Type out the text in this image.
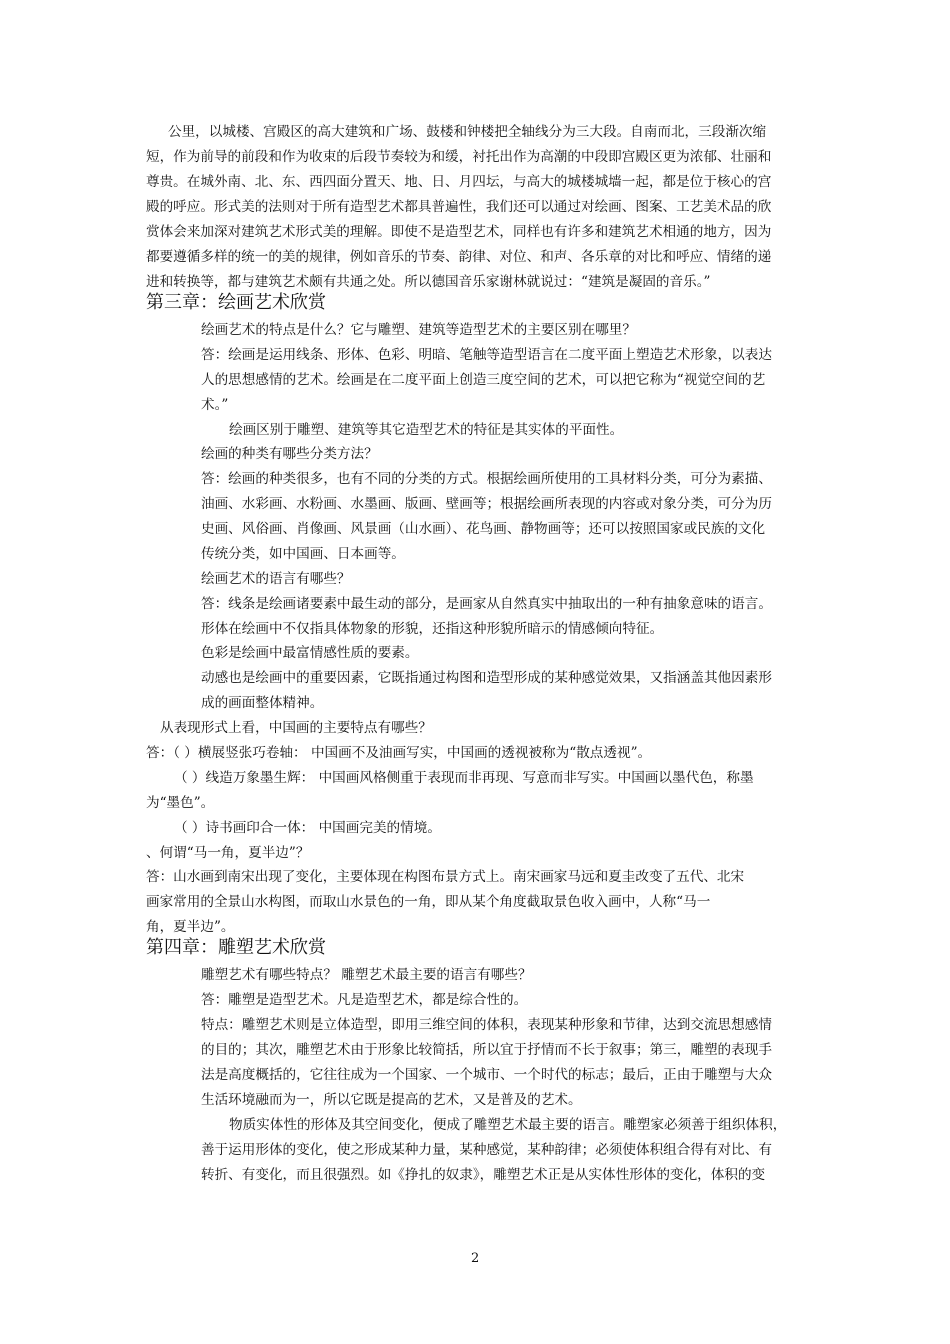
公里，以城楼、宫殿区的高大建筑和广场、鼓楼和钟楼把全轴线分为三大段。自南而北，三段渐次缩
短，作为前导的前段和作为收束的后段节奏较为和缓，衬托出作为高潮的中段即宫殿区更为浓郁、壮丽和
尊贵。在城外南、北、东、西四面分置天、地、日、月四坛，与高大的城楼城墙一起，都是位于核心的宫
殿的呼应。形式美的法则对于所有造型艺术都具普遍性，我们还可以通过对绘画、图案、工艺美术品的欣
赏体会来加深对建筑艺术形式美的理解。即使不是造型艺术，同样也有许多和建筑艺术相通的地方，因为
都要遵循多样的统一的美的规律，例如音乐的节奏、韵律、对位、和声、各乐章的对比和呼应、情绪的递
进和转换等，都与建筑艺术颇有共通之处。所以德国音乐家谢林就说过：“建筑是凝固的音乐。”
第三章：绘画艺术欣赏
绘画艺术的特点是什么？它与雕塑、建筑等造型艺术的主要区别在哪里？
答：绘画是运用线条、形体、色彩、明暗、笔触等造型语言在二度平面上塑造艺术形象，以表达
人的思想感情的艺术。绘画是在二度平面上创造三度空间的艺术，可以把它称为“视觉空间的艺
术。”
绘画区别于雕塑、建筑等其它造型艺术的特征是其实体的平面性。
绘画的种类有哪些分类方法？
答：绘画的种类很多，也有不同的分类的方式。根据绘画所使用的工具材料分类，可分为素描、
油画、水彩画、水粉画、水墨画、版画、壁画等；根据绘画所表现的内容或对象分类，可分为历
史画、风俗画、肖像画、风景画（山水画）、花鸟画、静物画等；还可以按照国家或民族的文化
传统分类，如中国画、日本画等。
绘画艺术的语言有哪些？
答：线条是绘画诸要素中最生动的部分，是画家从自然真实中抽取出的一种有抽象意味的语言。
形体在绘画中不仅指具体物象的形貌，还指这种形貌所暗示的情感倾向特征。
色彩是绘画中最富情感性质的要素。
动感也是绘画中的重要因素，它既指通过构图和造型形成的某种感觉效果，又指涵盖其他因素形
成的画面整体精神。
从表现形式上看，中国画的主要特点有哪些？
答：（ ）横展竖张巧卷轴： 中国画不及油画写实，中国画的透视被称为“散点透视”。
（ ）线造万象墨生辉： 中国画风格侧重于表现而非再现、写意而非写实。中国画以墨代色，称墨
为“墨色”。
（ ）诗书画印合一体： 中国画完美的情境。
、何谓“马一角，夏半边”？
答：山水画到南宋出现了变化，主要体现在构图布景方式上。南宋画家马远和夏圭改变了五代、北宋
画家常用的全景山水构图，而取山水景色的一角，即从某个角度截取景色收入画中，人称“马一
角，夏半边”。
第四章：雕塑艺术欣赏
雕塑艺术有哪些特点？ 雕塑艺术最主要的语言有哪些？
答：雕塑是造型艺术。凡是造型艺术，都是综合性的。
特点：雕塑艺术则是立体造型，即用三维空间的体积，表现某种形象和节律，达到交流思想感情
的目的；其次，雕塑艺术由于形象比较简括，所以宜于抒情而不长于叙事；第三，雕塑的表现手
法是高度概括的，它往往成为一个国家、一个城市、一个时代的标志；最后，正由于雕塑与大众
生活环境融而为一，所以它既是提高的艺术，又是普及的艺术。
物质实体性的形体及其空间变化，便成了雕塑艺术最主要的语言。雕塑家必须善于组织体积，
善于运用形体的变化，使之形成某种力量，某种感觉，某种韵律；必须使体积组合得有对比、有
转折、有变化，而且很强烈。如《挣扎的奴隶》，雕塑艺术正是从实体性形体的变化，体积的变
2
